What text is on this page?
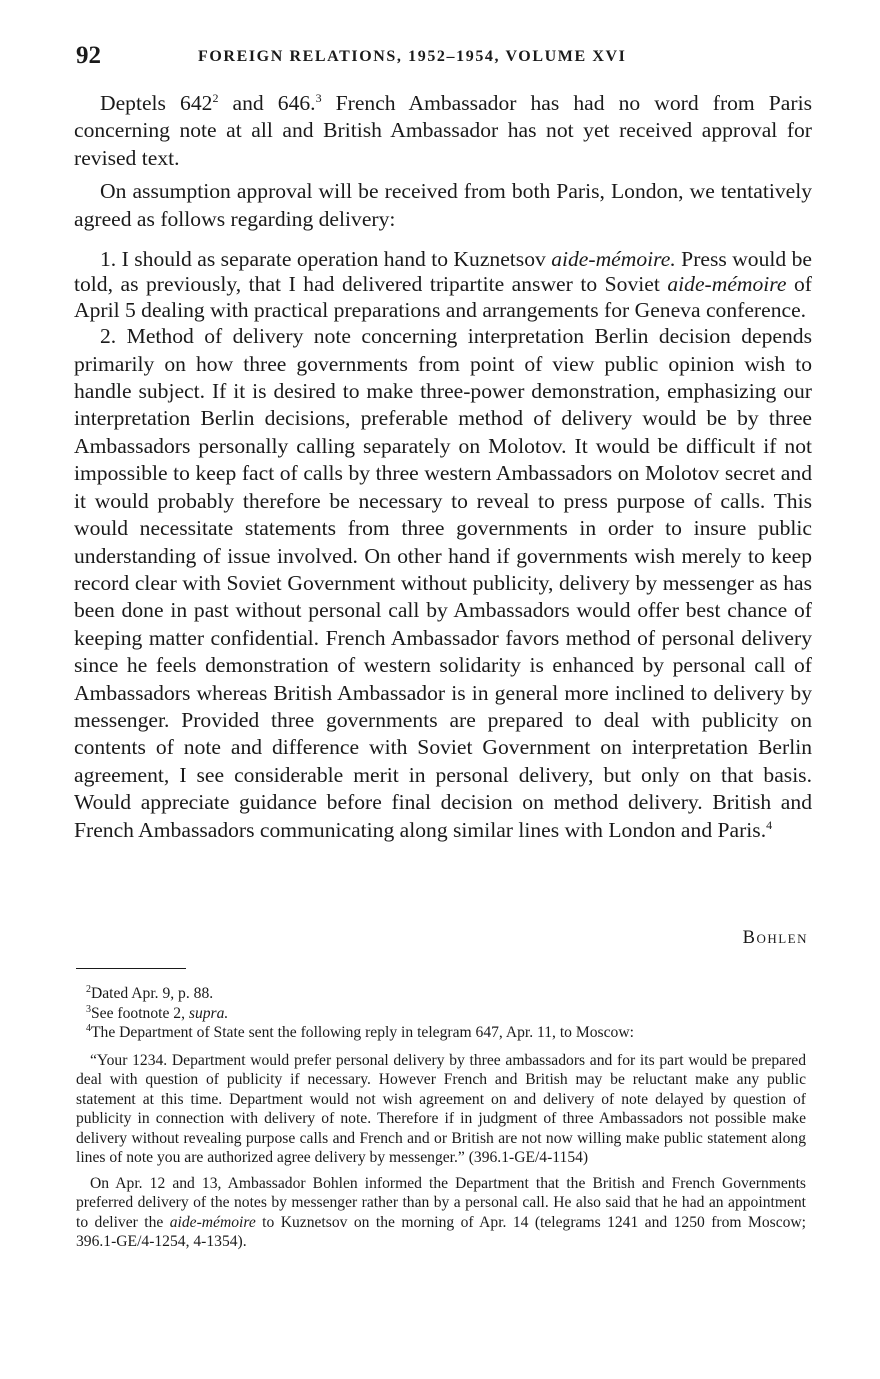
92	FOREIGN RELATIONS, 1952–1954, VOLUME XVI

Deptels 642$^2$ and 646.$^3$ French Ambassador has had no word from Paris concerning note at all and British Ambassador has not yet received approval for revised text.

On assumption approval will be received from both Paris, London, we tentatively agreed as follows regarding delivery:

1. I should as separate operation hand to Kuznetsov aide-mémoire. Press would be told, as previously, that I had delivered tripartite answer to Soviet aide-mémoire of April 5 dealing with practical preparations and arrangements for Geneva conference.

2. Method of delivery note concerning interpretation Berlin decision depends primarily on how three governments from point of view public opinion wish to handle subject. If it is desired to make three-power demonstration, emphasizing our interpretation Berlin decisions, preferable method of delivery would be by three Ambassadors personally calling separately on Molotov. It would be difficult if not impossible to keep fact of calls by three western Ambassadors on Molotov secret and it would probably therefore be necessary to reveal to press purpose of calls. This would necessitate statements from three governments in order to insure public understanding of issue involved. On other hand if governments wish merely to keep record clear with Soviet Government without publicity, delivery by messenger as has been done in past without personal call by Ambassadors would offer best chance of keeping matter confidential. French Ambassador favors method of personal delivery since he feels demonstration of western solidarity is enhanced by personal call of Ambassadors whereas British Ambassador is in general more inclined to delivery by messenger. Provided three governments are prepared to deal with publicity on contents of note and difference with Soviet Government on interpretation Berlin agreement, I see considerable merit in personal delivery, but only on that basis. Would appreciate guidance before final decision on method delivery. British and French Ambassadors communicating along similar lines with London and Paris.$^4$

Bohlen

$^2$Dated Apr. 9, p. 88.

$^3$See footnote 2, supra.

$^4$The Department of State sent the following reply in telegram 647, Apr. 11, to Moscow:

“Your 1234. Department would prefer personal delivery by three ambassadors and for its part would be prepared deal with question of publicity if necessary. However French and British may be reluctant make any public statement at this time. Department would not wish agreement on and delivery of note delayed by question of publicity in connection with delivery of note. Therefore if in judgment of three Ambassadors not possible make delivery without revealing purpose calls and French and or British are not now willing make public statement along lines of note you are authorized agree delivery by messenger.” (396.1-GE/4-1154)

On Apr. 12 and 13, Ambassador Bohlen informed the Department that the British and French Governments preferred delivery of the notes by messenger rather than by a personal call. He also said that he had an appointment to deliver the aide-mémoire to Kuznetsov on the morning of Apr. 14 (telegrams 1241 and 1250 from Moscow; 396.1-GE/4-1254, 4-1354).
